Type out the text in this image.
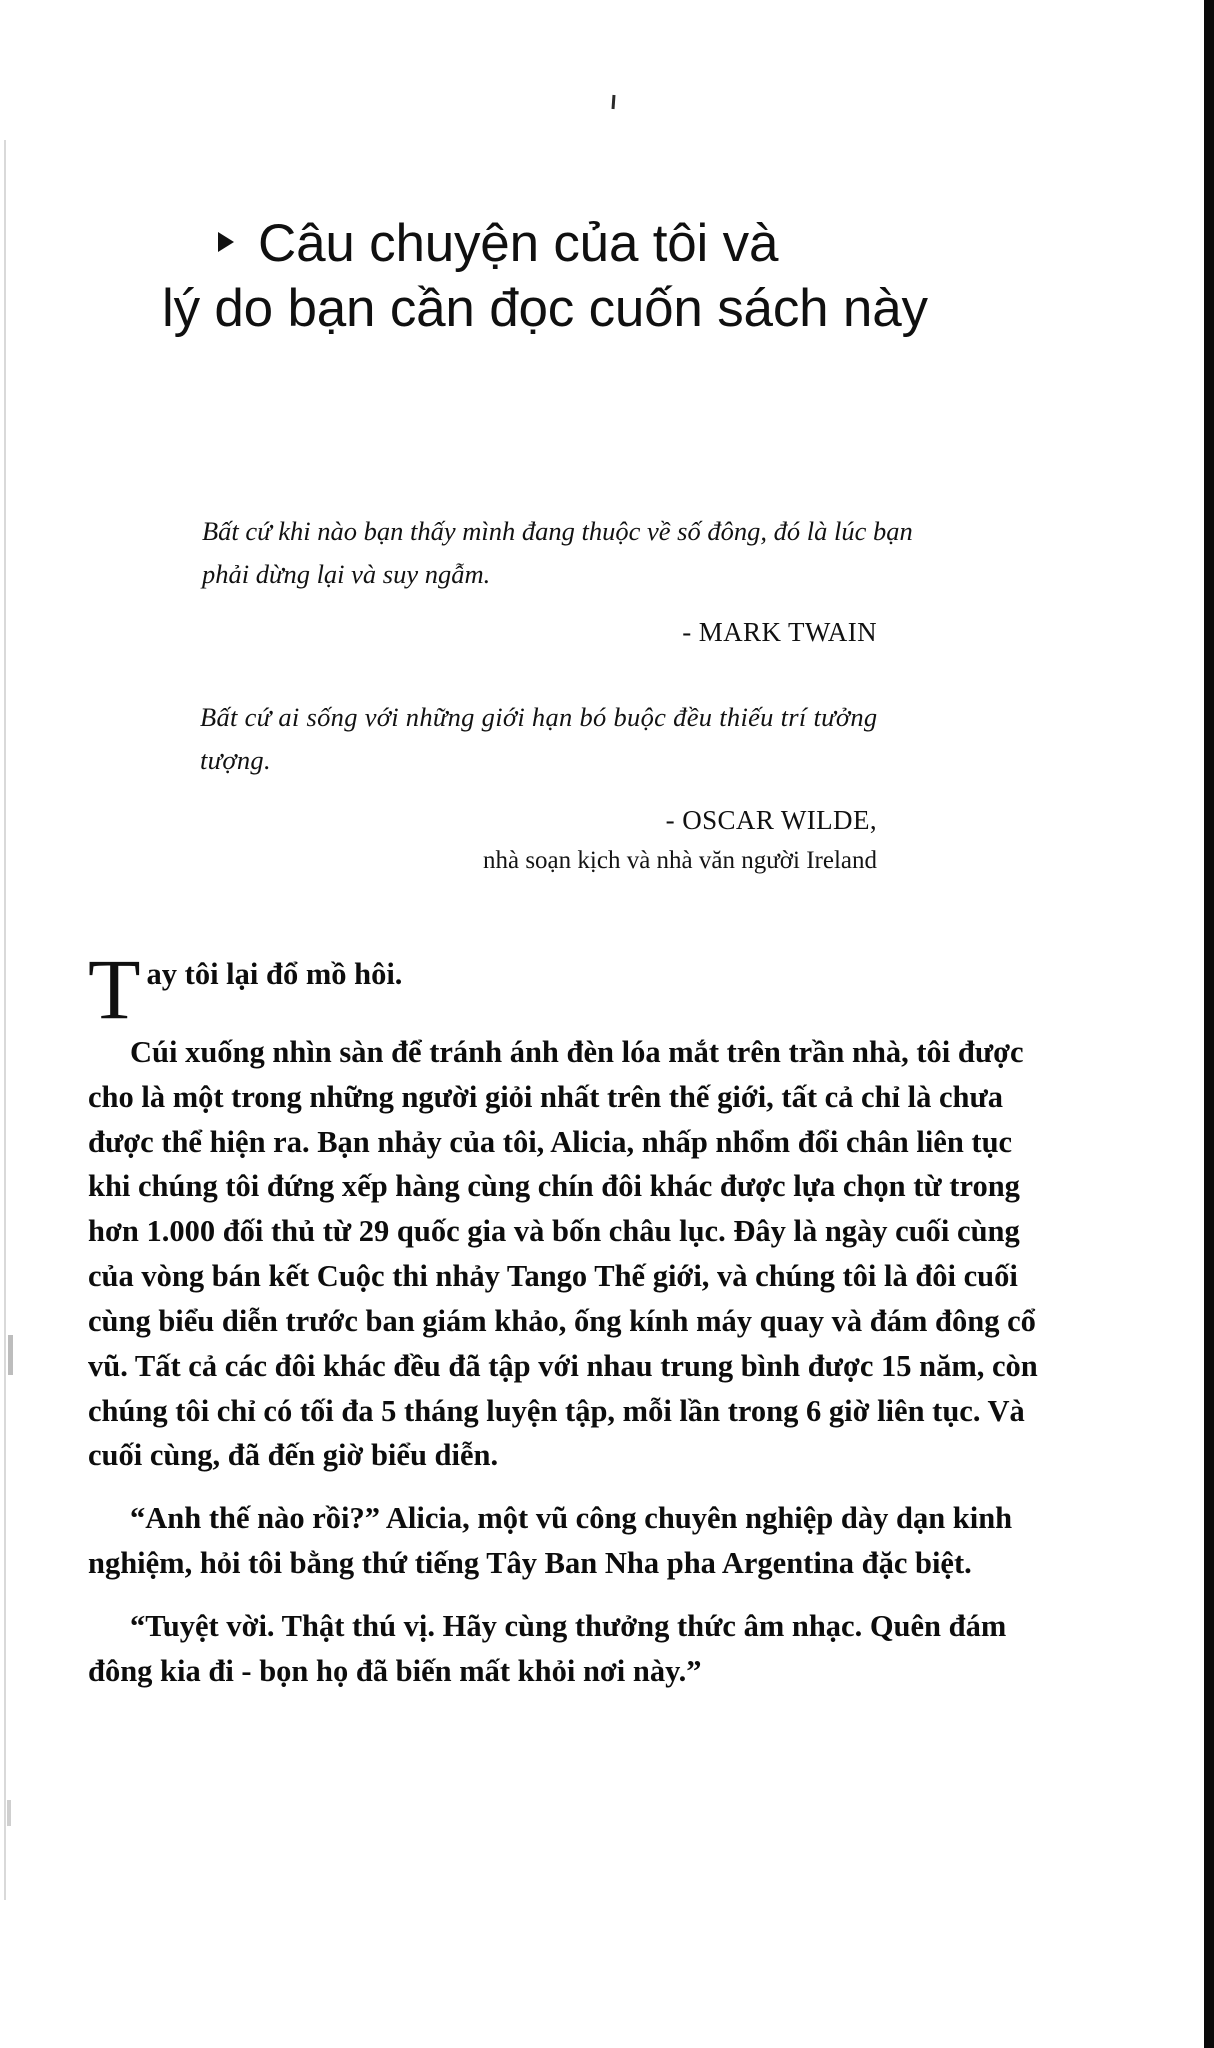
Câu chuyện của tôi và
lý do bạn cần đọc cuốn sách này
Bất cứ khi nào bạn thấy mình đang thuộc về số đông, đó là lúc bạn phải dừng lại và suy ngẫm.
- MARK TWAIN
Bất cứ ai sống với những giới hạn bó buộc đều thiếu trí tưởng tượng.
- OSCAR WILDE,
nhà soạn kịch và nhà văn người Ireland
T ay tôi lại đổ mồ hôi.

Cúi xuống nhìn sàn để tránh ánh đèn lóa mắt trên trần nhà, tôi được cho là một trong những người giỏi nhất trên thế giới, tất cả chỉ là chưa được thể hiện ra. Bạn nhảy của tôi, Alicia, nhấp nhổm đổi chân liên tục khi chúng tôi đứng xếp hàng cùng chín đôi khác được lựa chọn từ trong hơn 1.000 đối thủ từ 29 quốc gia và bốn châu lục. Đây là ngày cuối cùng của vòng bán kết Cuộc thi nhảy Tango Thế giới, và chúng tôi là đôi cuối cùng biểu diễn trước ban giám khảo, ống kính máy quay và đám đông cổ vũ. Tất cả các đôi khác đều đã tập với nhau trung bình được 15 năm, còn chúng tôi chỉ có tối đa 5 tháng luyện tập, mỗi lần trong 6 giờ liên tục. Và cuối cùng, đã đến giờ biểu diễn.

“Anh thế nào rồi?” Alicia, một vũ công chuyên nghiệp dày dạn kinh nghiệm, hỏi tôi bằng thứ tiếng Tây Ban Nha pha Argentina đặc biệt.

“Tuyệt vời. Thật thú vị. Hãy cùng thưởng thức âm nhạc. Quên đám đông kia đi - bọn họ đã biến mất khỏi nơi này.”
